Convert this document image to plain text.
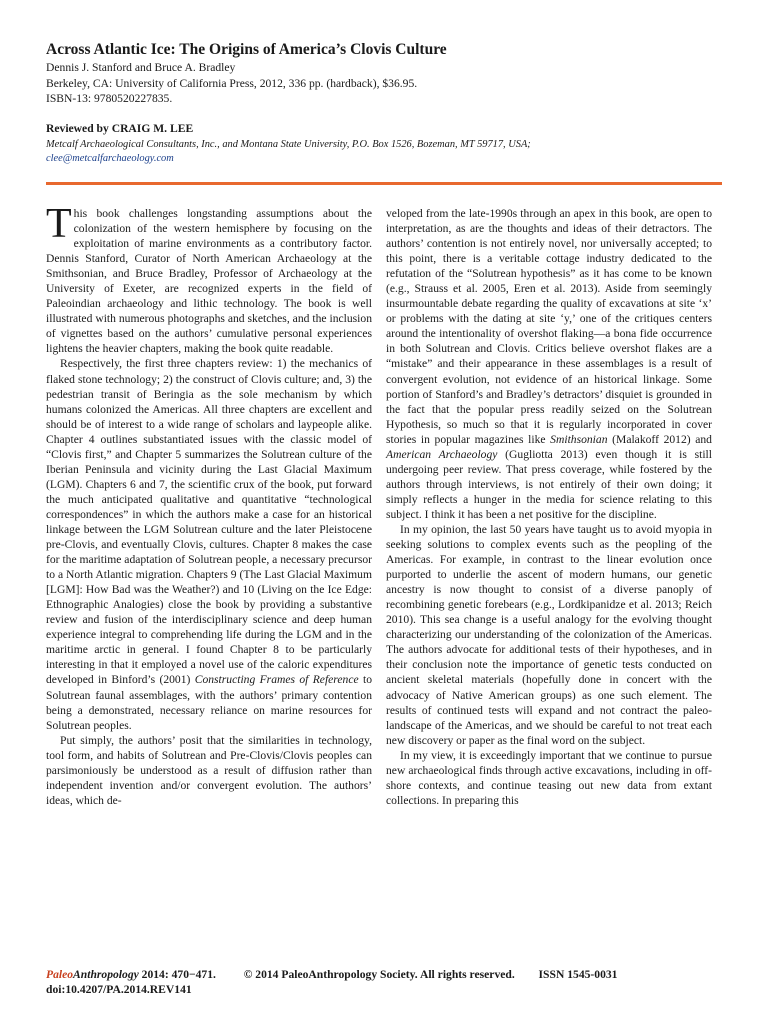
Across Atlantic Ice: The Origins of America’s Clovis Culture
Dennis J. Stanford and Bruce A. Bradley
Berkeley, CA: University of California Press, 2012, 336 pp. (hardback), $36.95.
ISBN-13: 9780520227835.
Reviewed by CRAIG M. LEE
Metcalf Archaeological Consultants, Inc., and Montana State University, P.O. Box 1526, Bozeman, MT 59717, USA;
clee@metcalfarchaeology.com

This book challenges longstanding assumptions about the colonization of the western hemisphere by focusing on the exploitation of marine environments as a contributory factor. Dennis Stanford, Curator of North American Archaeology at the Smithsonian, and Bruce Bradley, Professor of Archaeology at the University of Exeter, are recognized experts in the field of Paleoindian archaeology and lithic technology. The book is well illustrated with numerous photographs and sketches, and the inclusion of vignettes based on the authors’ cumulative personal experiences lightens the heavier chapters, making the book quite readable.

Respectively, the first three chapters review: 1) the mechanics of flaked stone technology; 2) the construct of Clovis culture; and, 3) the pedestrian transit of Beringia as the sole mechanism by which humans colonized the Americas. All three chapters are excellent and should be of interest to a wide range of scholars and laypeople alike. Chapter 4 outlines substantiated issues with the classic model of “Clovis first,” and Chapter 5 summarizes the Solutrean culture of the Iberian Peninsula and vicinity during the Last Glacial Maximum (LGM). Chapters 6 and 7, the scientific crux of the book, put forward the much anticipated qualitative and quantitative “technological correspondences” in which the authors make a case for an historical linkage between the LGM Solutrean culture and the later Pleistocene pre-Clovis, and eventually Clovis, cultures. Chapter 8 makes the case for the maritime adaptation of Solutrean people, a necessary precursor to a North Atlantic migration. Chapters 9 (The Last Glacial Maximum [LGM]: How Bad was the Weather?) and 10 (Living on the Ice Edge: Ethnographic Analogies) close the book by providing a substantive review and fusion of the interdisciplinary science and deep human experience integral to comprehending life during the LGM and in the maritime arctic in general. I found Chapter 8 to be particularly interesting in that it employed a novel use of the caloric expenditures developed in Binford’s (2001) Constructing Frames of Reference to Solutrean faunal assemblages, with the authors’ primary contention being a demonstrated, necessary reliance on marine resources for Solutrean peoples.

Put simply, the authors’ posit that the similarities in technology, tool form, and habits of Solutrean and Pre-Clovis/Clovis peoples can parsimoniously be understood as a result of diffusion rather than independent invention and/or convergent evolution. The authors’ ideas, which de-

veloped from the late-1990s through an apex in this book, are open to interpretation, as are the thoughts and ideas of their detractors. The authors’ contention is not entirely novel, nor universally accepted; to this point, there is a veritable cottage industry dedicated to the refutation of the “Solutrean hypothesis” as it has come to be known (e.g., Strauss et al. 2005, Eren et al. 2013). Aside from seemingly insurmountable debate regarding the quality of excavations at site ‘x’ or problems with the dating at site ‘y,’ one of the critiques centers around the intentionality of overshot flaking—a bona fide occurrence in both Solutrean and Clovis. Critics believe overshot flakes are a “mistake” and their appearance in these assemblages is a result of convergent evolution, not evidence of an historical linkage. Some portion of Stanford’s and Bradley’s detractors’ disquiet is grounded in the fact that the popular press readily seized on the Solutrean Hypothesis, so much so that it is regularly incorporated in cover stories in popular magazines like Smithsonian (Malakoff 2012) and American Archaeology (Gugliotta 2013) even though it is still undergoing peer review. That press coverage, while fostered by the authors through interviews, is not entirely of their own doing; it simply reflects a hunger in the media for science relating to this subject. I think it has been a net positive for the discipline.

In my opinion, the last 50 years have taught us to avoid myopia in seeking solutions to complex events such as the peopling of the Americas. For example, in contrast to the linear evolution once purported to underlie the ascent of modern humans, our genetic ancestry is now thought to consist of a diverse panoply of recombining genetic forebears (e.g., Lordkipanidze et al. 2013; Reich 2010). This sea change is a useful analogy for the evolving thought characterizing our understanding of the colonization of the Americas. The authors advocate for additional tests of their hypotheses, and in their conclusion note the importance of genetic tests conducted on ancient skeletal materials (hopefully done in concert with the advocacy of Native American groups) as one such element. The results of continued tests will expand and not contract the paleo-landscape of the Americas, and we should be careful to not treat each new discovery or paper as the final word on the subject.

In my view, it is exceedingly important that we continue to pursue new archaeological finds through active excavations, including in off-shore contexts, and continue teasing out new data from extant collections. In preparing this

PaleoAnthropology 2014: 470−471. © 2014 PaleoAnthropology Society. All rights reserved. ISSN 1545-0031
doi:10.4207/PA.2014.REV141
